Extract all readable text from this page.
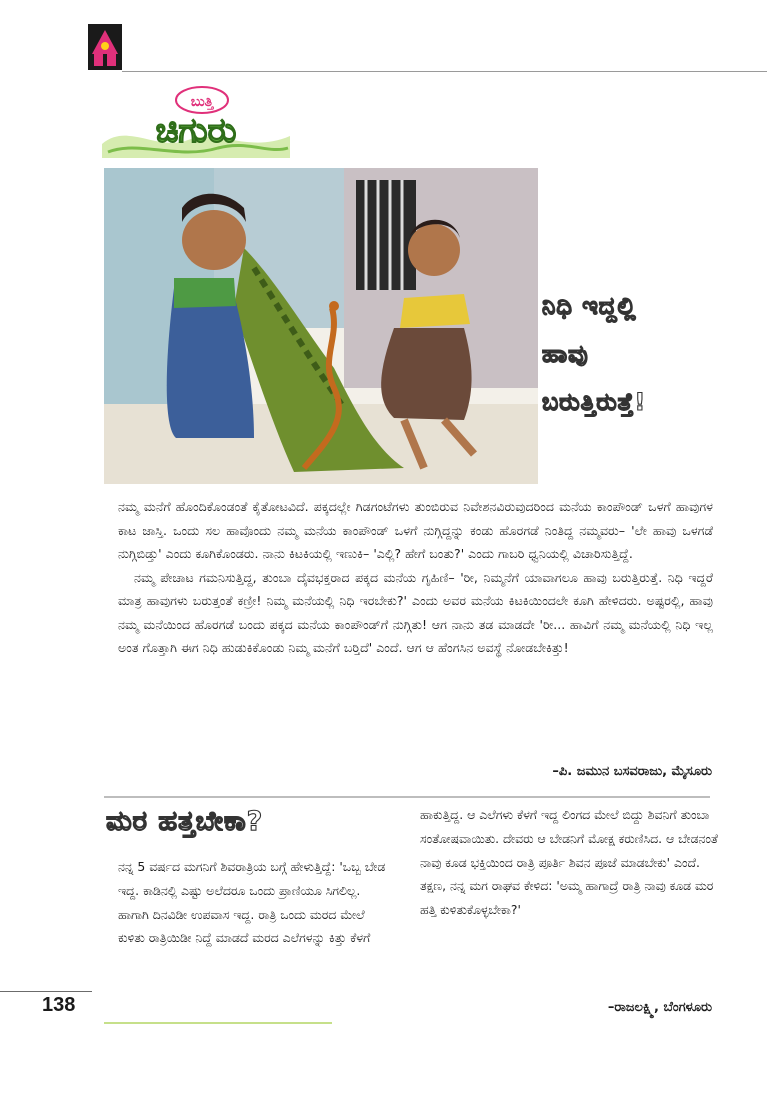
ಬುತ್ತಿ
ಚಿಗುರು
ನಿಧಿ ಇದ್ದಲ್ಲಿ
ಹಾವು
ಬರುತ್ತಿರುತ್ತೆ!

ನಮ್ಮ ಮನೆಗೆ ಹೊಂದಿಕೊಂಡಂತೆ ಕೈತೋಟವಿದೆ. ಪಕ್ಕದಲ್ಲೇ ಗಿಡಗಂಟೆಗಳು ತುಂಬಿರುವ ನಿವೇಶನವಿರುವುದರಿಂದ ಮನೆಯ ಕಾಂಪೌಂಡ್ ಒಳಗೆ ಹಾವುಗಳ ಕಾಟ ಜಾಸ್ತಿ. ಒಂದು ಸಲ ಹಾವೊಂದು ನಮ್ಮ ಮನೆಯ ಕಾಂಪೌಂಡ್ ಒಳಗೆ ನುಗ್ಗಿದ್ದನ್ನು ಕಂಡು ಹೊರಗಡೆ ನಿಂತಿದ್ದ ನಮ್ಮವರು– 'ಲೇ ಹಾವು ಒಳಗಡೆ ನುಗ್ಗಿಬಿಡ್ತು' ಎಂದು ಕೂಗಿಕೊಂಡರು. ನಾನು ಕಿಟಕಿಯಲ್ಲಿ ಇಣುಕಿ– 'ಎಲ್ಲಿ? ಹೇಗೆ ಬಂತು?' ಎಂದು ಗಾಬರಿ ಧ್ವನಿಯಲ್ಲಿ ವಿಚಾರಿಸುತ್ತಿದ್ದೆ.

ನಮ್ಮ ಪೇಚಾಟ ಗಮನಿಸುತ್ತಿದ್ದ, ತುಂಬಾ ದೈವಭಕ್ತರಾದ ಪಕ್ಕದ ಮನೆಯ ಗೃಹಿಣಿ– 'ರೀ, ನಿಮ್ಮನೆಗೆ ಯಾವಾಗಲೂ ಹಾವು ಬರುತ್ತಿರುತ್ತೆ. ನಿಧಿ ಇದ್ದರೆ ಮಾತ್ರ ಹಾವುಗಳು ಬರುತ್ತಂತೆ ಕಣ್ರೀ! ನಿಮ್ಮ ಮನೆಯಲ್ಲಿ ನಿಧಿ ಇರಬೇಕು?' ಎಂದು ಅವರ ಮನೆಯ ಕಿಟಕಿಯಿಂದಲೇ ಕೂಗಿ ಹೇಳಿದರು. ಅಷ್ಟರಲ್ಲಿ, ಹಾವು ನಮ್ಮ ಮನೆಯಿಂದ ಹೊರಗಡೆ ಬಂದು ಪಕ್ಕದ ಮನೆಯ ಕಾಂಪೌಂಡ್‌ಗೆ ನುಗ್ಗಿತು! ಆಗ ನಾನು ತಡ ಮಾಡದೇ 'ರೀ... ಹಾವಿಗೆ ನಮ್ಮ ಮನೆಯಲ್ಲಿ ನಿಧಿ ಇಲ್ಲ ಅಂತ ಗೊತ್ತಾಗಿ ಈಗ ನಿಧಿ ಹುಡುಕಿಕೊಂಡು ನಿಮ್ಮ ಮನೆಗೆ ಬರ್‍ತಿದೆ' ಎಂದೆ. ಆಗ ಆ ಹೆಂಗಸಿನ ಅವಸ್ಥೆ ನೋಡಬೇಕಿತ್ತು!

–ಪಿ. ಜಮುನ ಬಸವರಾಜು, ಮೈಸೂರು
ಮರ ಹತ್ತಬೇಕಾ?
ನನ್ನ 5 ವರ್ಷದ ಮಗನಿಗೆ ಶಿವರಾತ್ರಿಯ ಬಗ್ಗೆ ಹೇಳುತ್ತಿದ್ದೆ: 'ಒಬ್ಬ ಬೇಡ ಇದ್ದ. ಕಾಡಿನಲ್ಲಿ ಎಷ್ಟು ಅಲೆದರೂ ಒಂದು ಪ್ರಾಣಿಯೂ ಸಿಗಲಿಲ್ಲ. ಹಾಗಾಗಿ ದಿನವಿಡೀ ಉಪವಾಸ ಇದ್ದ. ರಾತ್ರಿ ಒಂದು ಮರದ ಮೇಲೆ ಕುಳಿತು ರಾತ್ರಿಯಿಡೀ ನಿದ್ದೆ ಮಾಡದೆ ಮರದ ಎಲೆಗಳನ್ನು ಕಿತ್ತು ಕೆಳಗೆ
ಹಾಕುತ್ತಿದ್ದ. ಆ ಎಲೆಗಳು ಕೆಳಗೆ ಇದ್ದ ಲಿಂಗದ ಮೇಲೆ ಬಿದ್ದು ಶಿವನಿಗೆ ತುಂಬಾ ಸಂತೋಷವಾಯಿತು. ದೇವರು ಆ ಬೇಡನಿಗೆ ಮೋಕ್ಷ ಕರುಣಿಸಿದ. ಆ ಬೇಡನಂತೆ ನಾವು ಕೂಡ ಭಕ್ತಿಯಿಂದ ರಾತ್ರಿ ಪೂರ್ತಿ ಶಿವನ ಪೂಜೆ ಮಾಡಬೇಕು' ಎಂದೆ. ತಕ್ಷಣ, ನನ್ನ ಮಗ ರಾಘವ ಕೇಳಿದ: 'ಅಮ್ಮ ಹಾಗಾದ್ರೆ ರಾತ್ರಿ ನಾವು ಕೂಡ ಮರ ಹತ್ತಿ ಕುಳಿತುಕೊಳ್ಳಬೇಕಾ?'
–ರಾಜಲಕ್ಷ್ಮಿ, ಬೆಂಗಳೂರು
138
